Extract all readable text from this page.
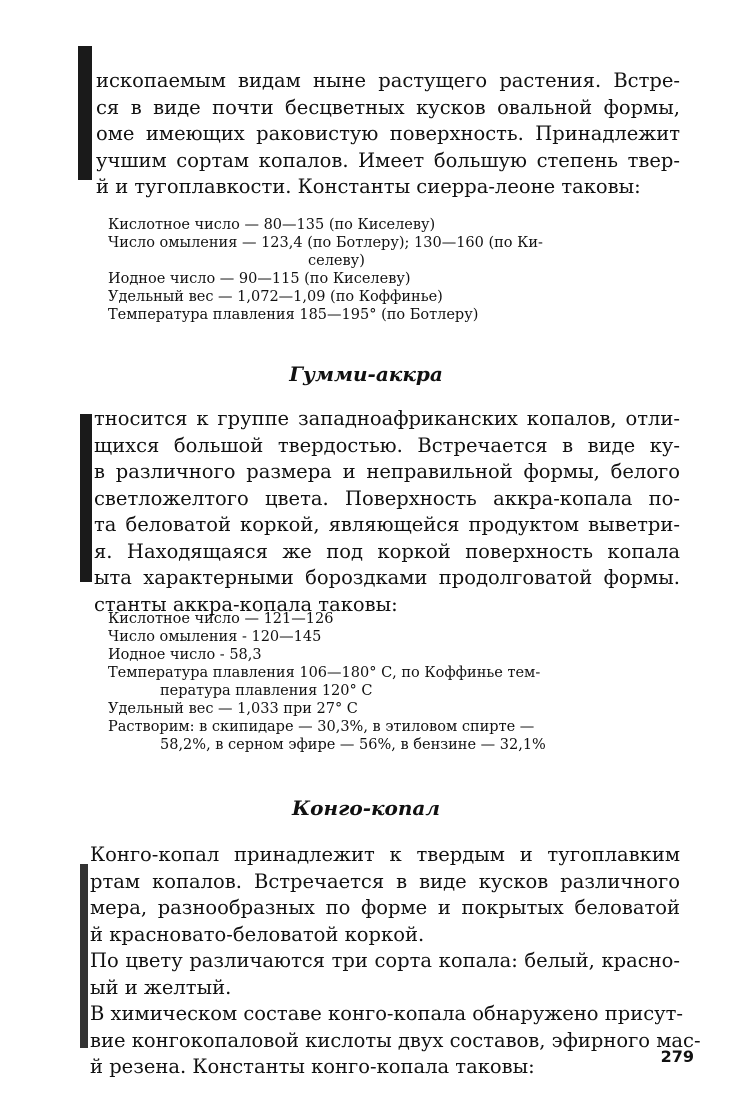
ископаемым видам ныне растущего растения. Встре-
ся в виде почти бесцветных кусков овальной формы,
оме имеющих раковистую поверхность. Принадлежит
учшим сортам копалов. Имеет большую степень твер-
й и тугоплавкости. Константы сиерра-леоне таковы:
Кислотное число — 80—135 (по Киселеву)
Число омыления — 123,4 (по Ботлеру); 130—160 (по Ки-
селеву)
Иодное число — 90—115 (по Киселеву)
Удельный вес — 1,072—1,09 (по Коффинье)
Температура плавления 185—195° (по Ботлеру)
Гумми-аккра
тносится к группе западноафриканских копалов, отли-
щихся большой твердостью. Встречается в виде ку-
в различного размера и неправильной формы, белого
светложелтого цвета. Поверхность аккра-копала по-
та беловатой коркой, являющейся продуктом выветри-
я. Находящаяся же под коркой поверхность копала
ыта характерными бороздками продолговатой формы.
станты аккра-копала таковы:
Кислотное число — 121—126
Число омыления - 120—145
Иодное число - 58,3
Температура плавления 106—180° С, по Коффинье тем-
пература плавления 120° С
Удельный вес — 1,033 при 27° С
Растворим: в скипидаре — 30,3%, в этиловом спирте —
58,2%, в серном эфире — 56%, в бензине — 32,1%
Конго-копал
Конго-копал принадлежит к твердым и тугоплавким
ртам копалов. Встречается в виде кусков различного
мера, разнообразных по форме и покрытых беловатой
й красновато-беловатой коркой.
По цвету различаются три сорта копала: белый, красно-
ый и желтый.
В химическом составе конго-копала обнаружено присут-
вие конгокопаловой кислоты двух составов, эфирного мас-
й резена. Константы конго-копала таковы:	279
